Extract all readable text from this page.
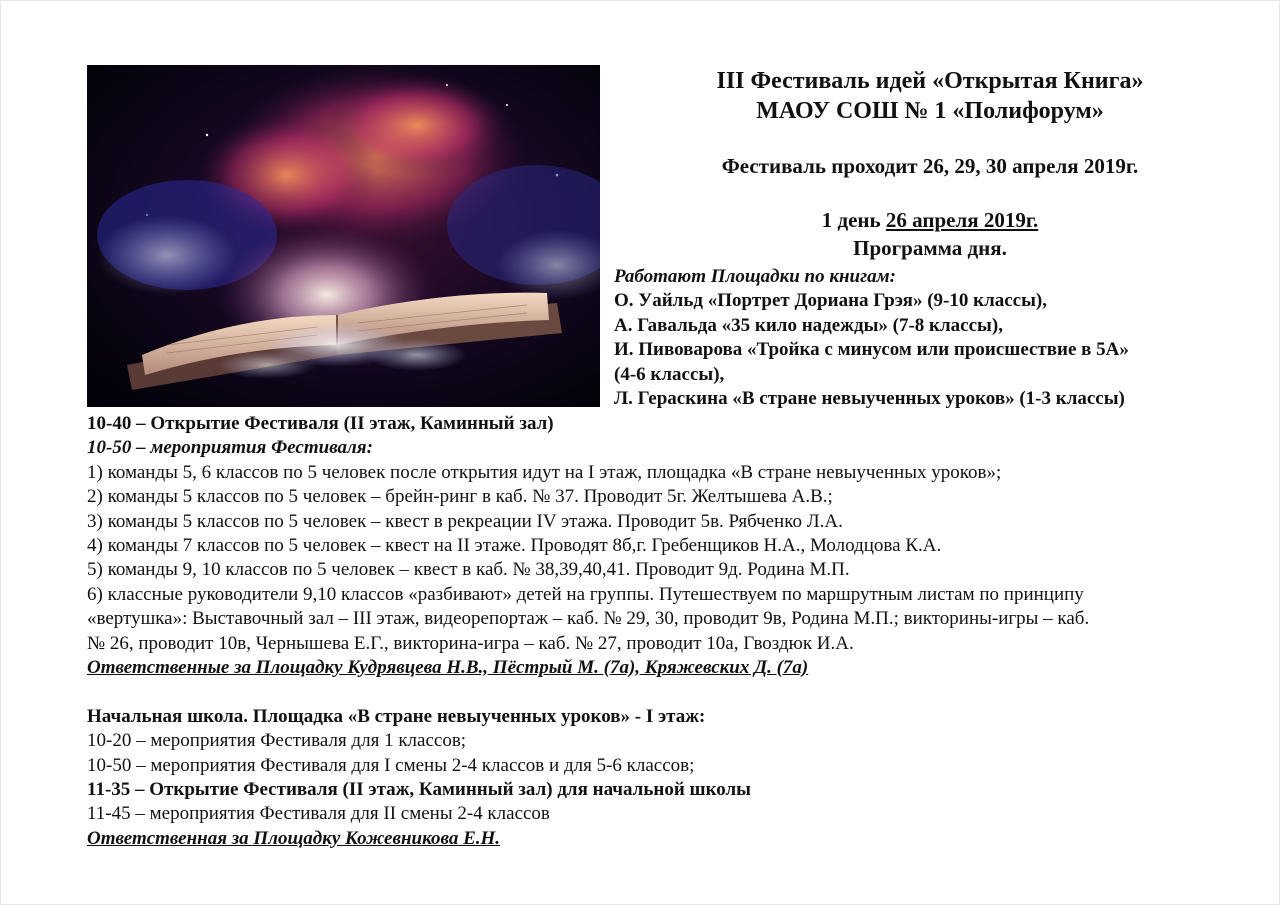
III Фестиваль идей «Открытая Книга»
МАОУ СОШ № 1 «Полифорум»
Фестиваль проходит 26, 29, 30 апреля 2019г.
1 день 26 апреля 2019г.
Программа дня.
Работают Площадки по книгам:
О. Уайльд «Портрет Дориана Грэя» (9-10 классы),
А. Гавальда «35 кило надежды» (7-8 классы),
И. Пивоварова «Тройка с минусом или происшествие в 5А»
(4-6 классы),
Л. Гераскина «В стране невыученных уроков» (1-3 классы)
10-40 – Открытие Фестиваля (II этаж, Каминный зал)
10-50 – мероприятия Фестиваля:
1) команды 5, 6 классов по 5 человек после открытия идут на I этаж, площадка «В стране невыученных уроков»;
2) команды 5 классов по 5 человек – брейн-ринг в каб. № 37. Проводит 5г. Желтышева А.В.;
3) команды 5 классов по 5 человек – квест в рекреации IV этажа. Проводит 5в. Рябченко Л.А.
4) команды 7 классов по 5 человек – квест на II этаже. Проводят 8б,г. Гребенщиков Н.А., Молодцова К.А.
5) команды 9, 10 классов по 5 человек – квест в каб. № 38,39,40,41. Проводит 9д. Родина М.П.
6) классные руководители 9,10 классов «разбивают» детей на группы. Путешествуем по маршрутным листам по принципу
«вертушка»: Выставочный зал – III этаж, видеорепортаж – каб. № 29, 30, проводит 9в, Родина М.П.; викторины-игры – каб.
№ 26, проводит 10в, Чернышева Е.Г., викторина-игра – каб. № 27, проводит 10а, Гвоздюк И.А.
Ответственные за Площадку Кудрявцева Н.В., Пёстрый М. (7а), Кряжевских Д. (7а)
Начальная школа. Площадка «В стране невыученных уроков» - I этаж:
10-20 – мероприятия Фестиваля для 1 классов;
10-50 – мероприятия Фестиваля для I смены 2-4 классов и для 5-6 классов;
11-35 – Открытие Фестиваля (II этаж, Каминный зал) для начальной школы
11-45 – мероприятия Фестиваля для II смены 2-4 классов
Ответственная за Площадку Кожевникова Е.Н.
